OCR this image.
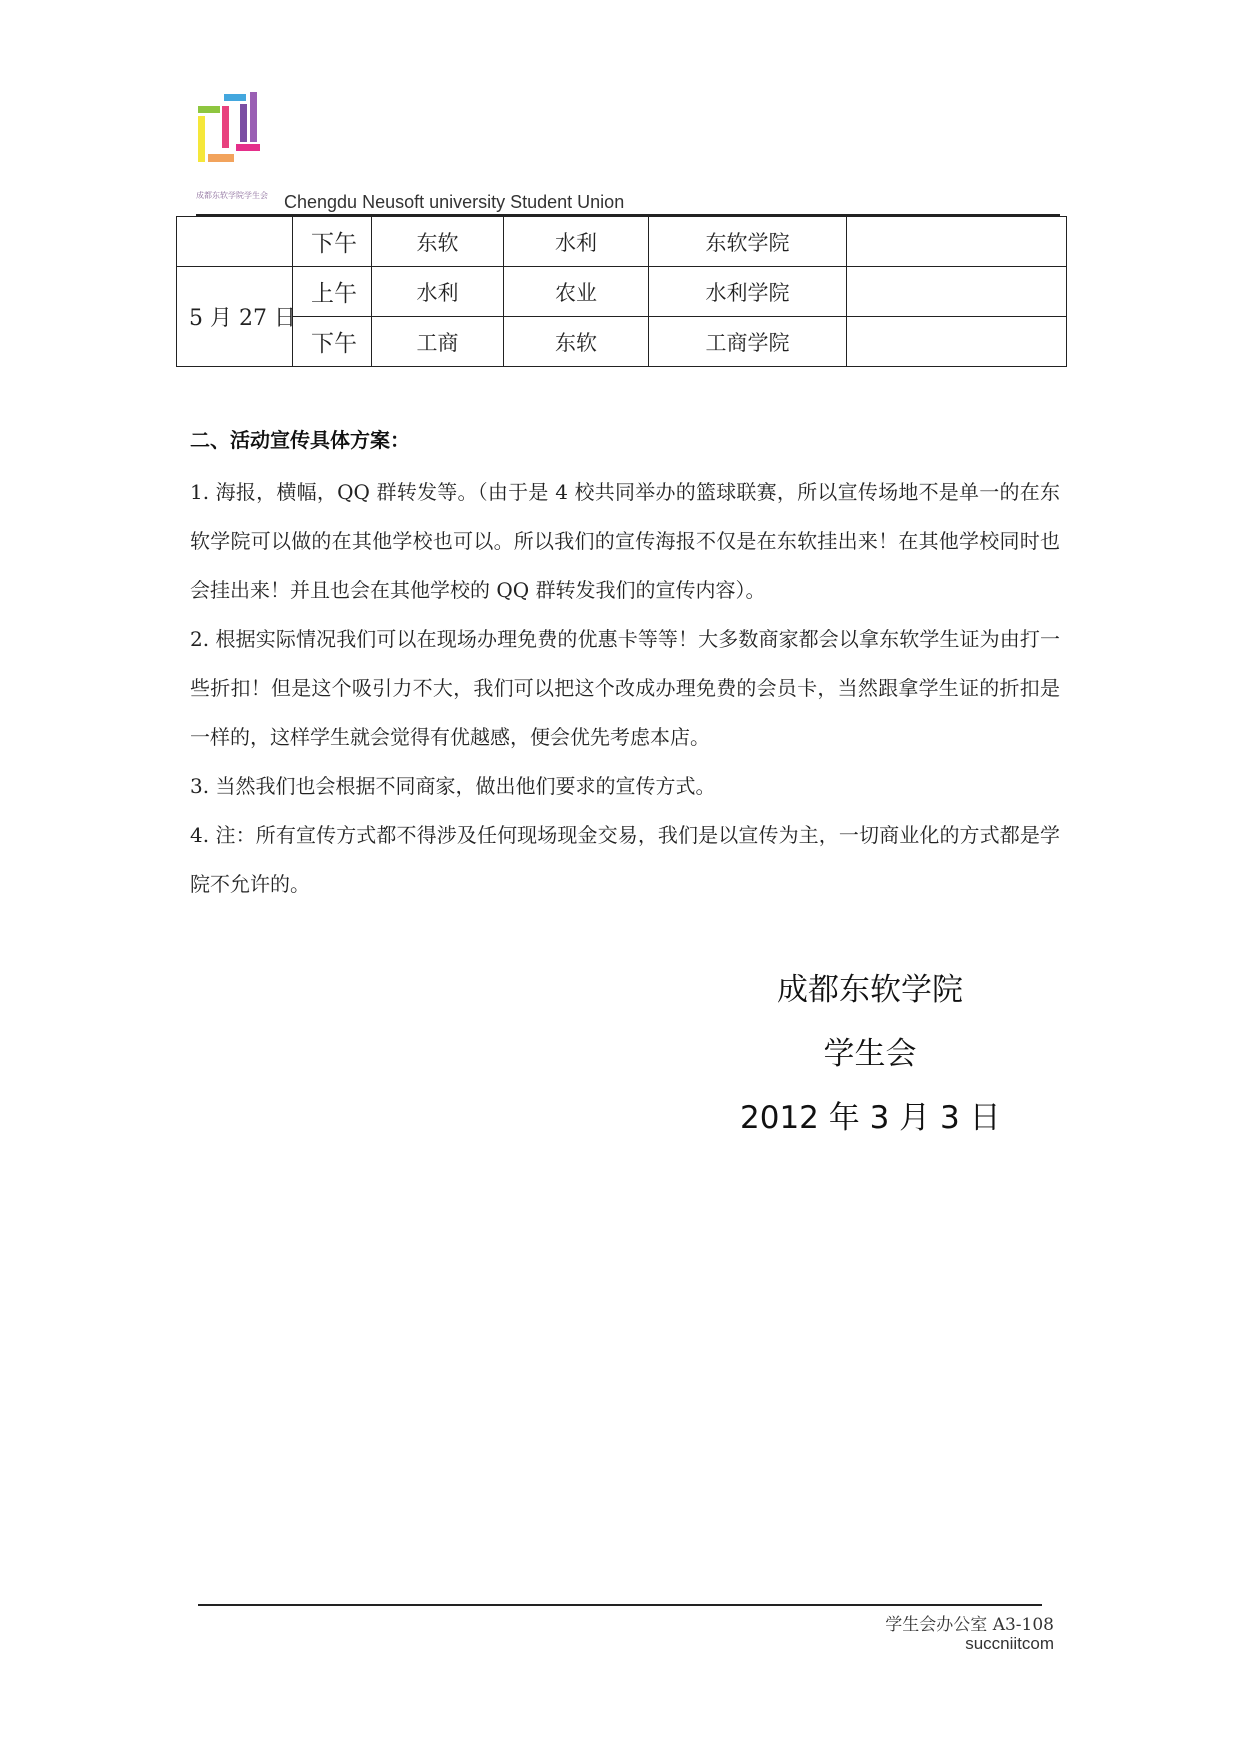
成都东软学院学生会 Chengdu Neusoft university Student Union
	下午	东软	水利	东软学院	
5 月 27 日	上午	水利	农业	水利学院	
	下午	工商	东软	工商学院	
二、活动宣传具体方案：

1. 海报，横幅，QQ 群转发等。（由于是 4 校共同举办的篮球联赛，所以宣传场地不是单一的在东软学院可以做的在其他学校也可以。所以我们的宣传海报不仅是在东软挂出来！在其他学校同时也会挂出来！并且也会在其他学校的 QQ 群转发我们的宣传内容）。

2. 根据实际情况我们可以在现场办理免费的优惠卡等等！大多数商家都会以拿东软学生证为由打一些折扣！但是这个吸引力不大，我们可以把这个改成办理免费的会员卡，当然跟拿学生证的折扣是一样的，这样学生就会觉得有优越感，便会优先考虑本店。

3. 当然我们也会根据不同商家，做出他们要求的宣传方式。

4. 注：所有宣传方式都不得涉及任何现场现金交易，我们是以宣传为主，一切商业化的方式都是学院不允许的。

成都东软学院
学生会
2012 年 3 月 3 日
学生会办公室 A3-108
succniitcom
